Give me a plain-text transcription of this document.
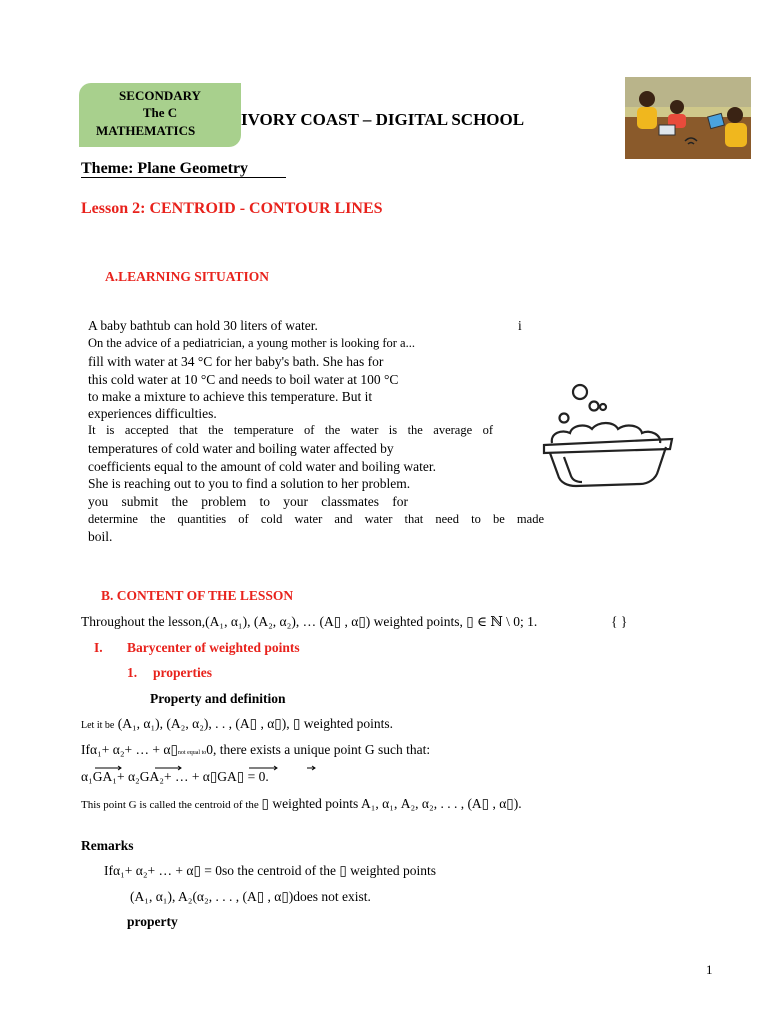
SECONDARY
The C
MATHEMATICS
IVORY COAST – DIGITAL SCHOOL
Theme: Plane Geometry
Lesson 2: CENTROID - CONTOUR LINES
A.LEARNING SITUATION
A baby bathtub can hold 30 liters of water.	i
On the advice of a pediatrician, a young mother is looking for a...
fill with water at 34 °C for her baby's bath. She has for
this cold water at 10 °C and needs to boil water at 100 °C
to make a mixture to achieve this temperature. But it
experiences difficulties.
It is accepted that the temperature of the water is the average of
temperatures of cold water and boiling water affected by
coefficients equal to the amount of cold water and boiling water.
She is reaching out to you to find a solution to her problem.
you submit the problem to your classmates for
determine the quantities of cold water and water that need to be made
boil.
B. CONTENT OF THE LESSON
Throughout the lesson,(A₁, α₁), (A₂, α₂), … (A▯ , α▯) weighted points, ▯ ∈ ℕ \ 0; 1.	{ }
I. Barycenter of weighted points
1. properties
Property and definition
Let it be (A₁, α₁), (A₂, α₂), . . , (A▯ , α▯), ▯ weighted points.
Ifα₁+ α₂+ … + α▯not equal to0, there exists a unique point G such that:
α₁GA₁+ α₂GA₂+ … + α▯GA▯ = 0.
This point G is called the centroid of the ▯ weighted points A₁, α₁, A₂, α₂, . . . , (A▯ , α▯).
Remarks
Ifα₁+ α₂+ … + α▯ = 0so the centroid of the ▯ weighted points
(A₁, α₁), A₂(α₂, . . . , (A▯ , α▯)does not exist.
property
1
